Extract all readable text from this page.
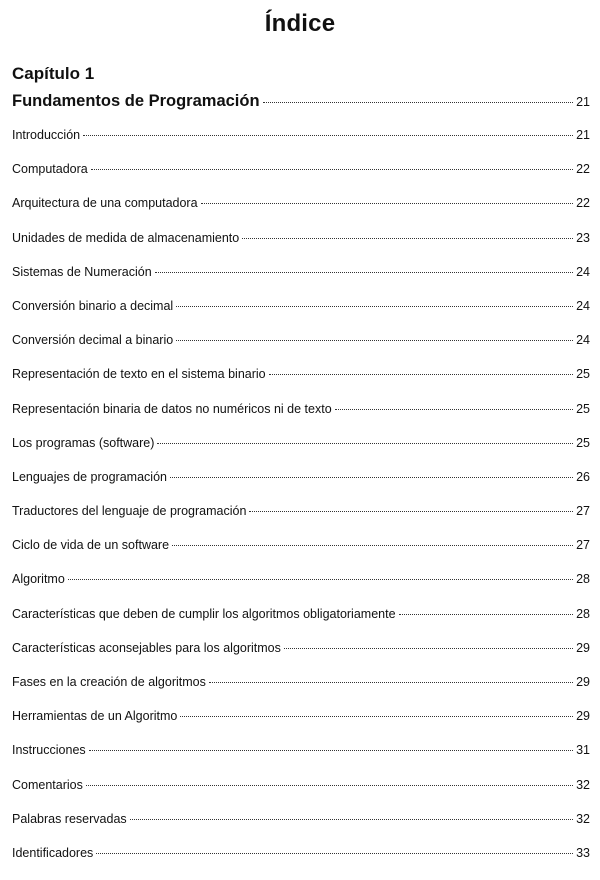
Índice
Capítulo 1
Fundamentos de Programación	21
Introducción	21
Computadora	22
Arquitectura de una computadora	22
Unidades de medida de almacenamiento	23
Sistemas de Numeración	24
Conversión binario a decimal	24
Conversión decimal a binario	24
Representación de texto en el sistema binario	25
Representación binaria de datos no numéricos ni de texto	25
Los programas (software)	25
Lenguajes de programación	26
Traductores del lenguaje de programación	27
Ciclo de vida de un software	27
Algoritmo	28
Características que deben de cumplir los algoritmos obligatoriamente	28
Características aconsejables para los algoritmos	29
Fases en la creación de algoritmos	29
Herramientas de un Algoritmo	29
Instrucciones	31
Comentarios	32
Palabras reservadas	32
Identificadores	33
